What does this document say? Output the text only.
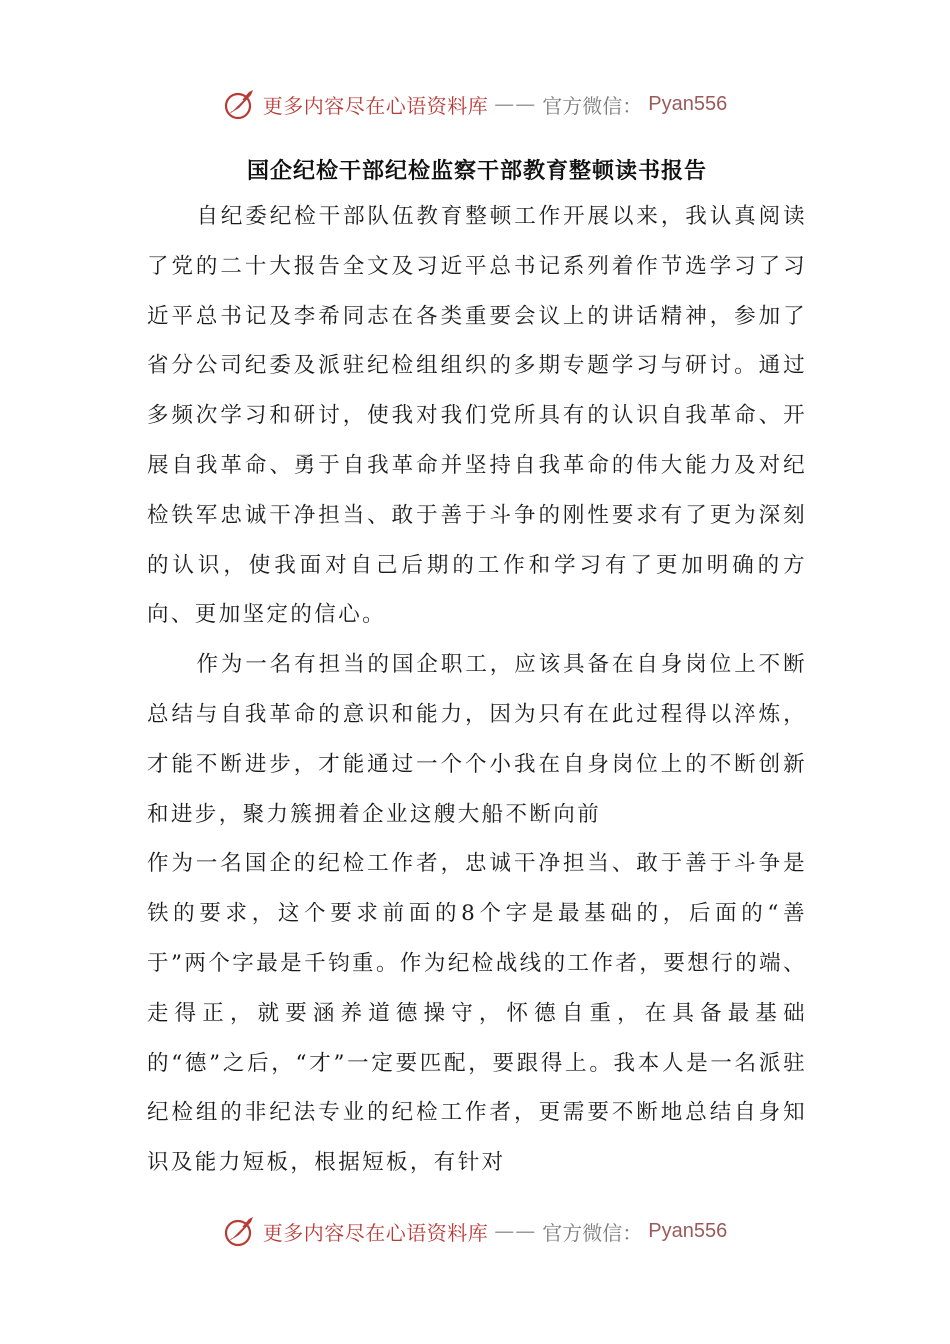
更多内容尽在心语资料库 —— 官方微信： Pyan556
国企纪检干部纪检监察干部教育整顿读书报告

自纪委纪检干部队伍教育整顿工作开展以来，我认真阅读了党的二十大报告全文及习近平总书记系列着作节选学习了习近平总书记及李希同志在各类重要会议上的讲话精神，参加了省分公司纪委及派驻纪检组组织的多期专题学习与研讨。通过多频次学习和研讨，使我对我们党所具有的认识自我革命、开展自我革命、勇于自我革命并坚持自我革命的伟大能力及对纪检铁军忠诚干净担当、敢于善于斗争的刚性要求有了更为深刻的认识，使我面对自己后期的工作和学习有了更加明确的方向、更加坚定的信心。

作为一名有担当的国企职工，应该具备在自身岗位上不断总结与自我革命的意识和能力，因为只有在此过程得以淬炼，才能不断进步，才能通过一个个小我在自身岗位上的不断创新和进步，聚力簇拥着企业这艘大船不断向前

作为一名国企的纪检工作者，忠诚干净担当、敢于善于斗争是铁的要求，这个要求前面的8个字是最基础的，后面的“善于”两个字最是千钧重。作为纪检战线的工作者，要想行的端、走得正，就要涵养道德操守，怀德自重，在具备最基础的“德”之后，“才”一定要匹配，要跟得上。我本人是一名派驻纪检组的非纪法专业的纪检工作者，更需要不断地总结自身知识及能力短板，根据短板，有针对

更多内容尽在心语资料库 —— 官方微信： Pyan556
